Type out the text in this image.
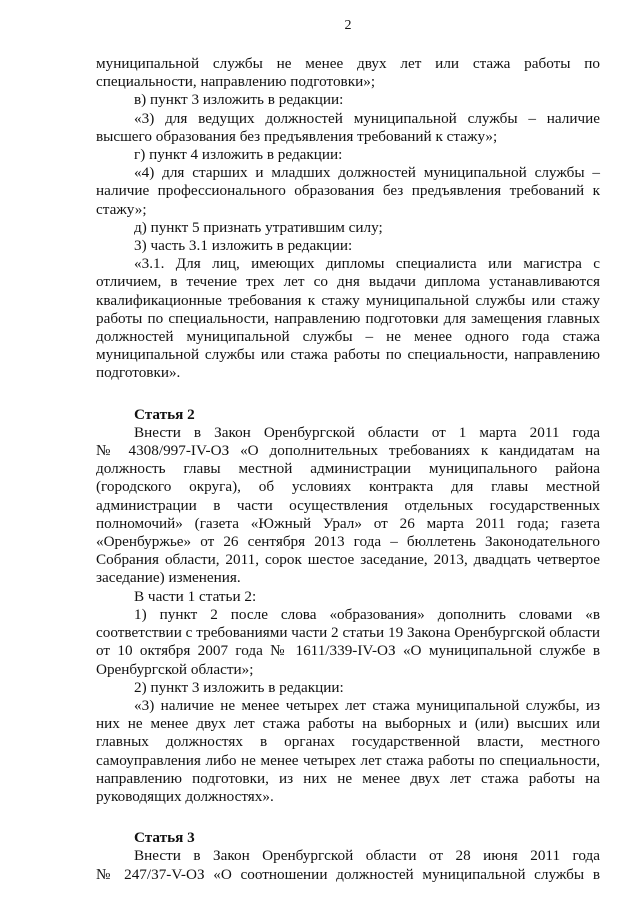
2

муниципальной службы не менее двух лет или стажа работы по

специальности, направлению подготовки»;

в) пункт 3 изложить в редакции:

«3) для ведущих должностей муниципальной службы – наличие

высшего образования без предъявления требований к стажу»;

г) пункт 4 изложить в редакции:

«4) для старших и младших должностей муниципальной службы –

наличие профессионального образования без предъявления требований к

стажу»;

д) пункт 5 признать утратившим силу;

3) часть 3.1 изложить в редакции:

«3.1. Для лиц, имеющих дипломы специалиста или магистра с

отличием, в течение трех лет со дня выдачи диплома устанавливаются

квалификационные требования к стажу муниципальной службы или стажу

работы по специальности, направлению подготовки для замещения главных

должностей муниципальной службы – не менее одного года стажа

муниципальной службы или стажа работы по специальности, направлению

подготовки».

Статья 2

Внести в Закон Оренбургской области от 1 марта 2011 года

№ 4308/997-IV-ОЗ «О дополнительных требованиях к кандидатам на

должность главы местной администрации муниципального района

(городского округа), об условиях контракта для главы местной

администрации в части осуществления отдельных государственных

полномочий» (газета «Южный Урал» от 26 марта 2011 года; газета

«Оренбуржье» от 26 сентября 2013 года – бюллетень Законодательного

Собрания области, 2011, сорок шестое заседание, 2013, двадцать четвертое

заседание) изменения.

В части 1 статьи 2:

1) пункт 2 после слова «образования» дополнить словами «в

соответствии с требованиями части 2 статьи 19 Закона Оренбургской области

от 10 октября 2007 года № 1611/339-IV-ОЗ «О муниципальной службе в

Оренбургской области»;

2) пункт 3 изложить в редакции:

«3) наличие не менее четырех лет стажа муниципальной службы, из

них не менее двух лет стажа работы на выборных и (или) высших или

главных должностях в органах государственной власти, местного

самоуправления либо не менее четырех лет стажа работы по специальности,

направлению подготовки, из них не менее двух лет стажа работы на

руководящих должностях».

Статья 3

Внести в Закон Оренбургской области от 28 июня 2011 года

№ 247/37-V-ОЗ «О соотношении должностей муниципальной службы в
